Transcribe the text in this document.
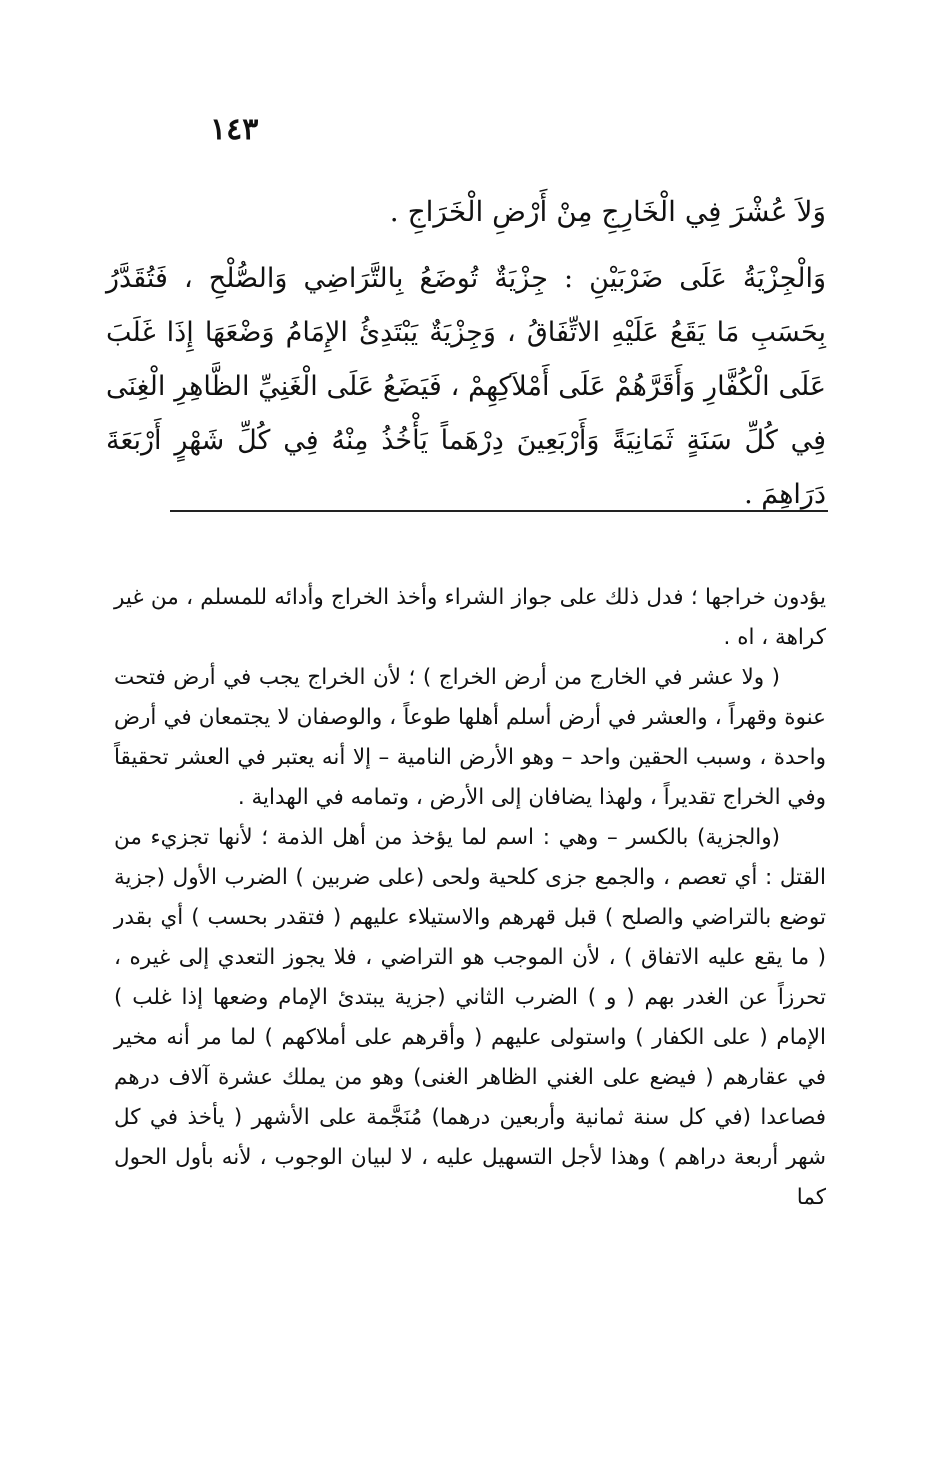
١٤٣
وَلاَ عُشْرَ فِي الْخَارِجِ مِنْ أَرْضِ الْخَرَاجِ .
وَالْجِزْيَةُ عَلَى ضَرْبَيْنِ : جِزْيَةٌ تُوضَعُ بِالتَّرَاضِي وَالصُّلْحِ ، فَتُقَدَّرُ بِحَسَبِ مَا يَقَعُ عَلَيْهِ الاتِّفَاقُ ، وَجِزْيَةٌ يَبْتَدِئُ الإِمَامُ وَضْعَهَا إِذَا غَلَبَ عَلَى الْكُفَّارِ وَأَقَرَّهُمْ عَلَى أَمْلاَكِهِمْ ، فَيَضَعُ عَلَى الْغَنِيِّ الظَّاهِرِ الْغِنَى فِي كُلِّ سَنَةٍ ثَمَانِيَةً وَأَرْبَعِينَ دِرْهَماً يَأْخُذُ مِنْهُ فِي كُلِّ شَهْرٍ أَرْبَعَةَ دَرَاهِمَ .

يؤدون خراجها ؛ فدل ذلك على جواز الشراء وأخذ الخراج وأدائه للمسلم ، من غير كراهة ، اه .

( ولا عشر في الخارج من أرض الخراج ) ؛ لأن الخراج يجب في أرض فتحت عنوة وقهراً ، والعشر في أرض أسلم أهلها طوعاً ، والوصفان لا يجتمعان في أرض واحدة ، وسبب الحقين واحد – وهو الأرض النامية – إلا أنه يعتبر في العشر تحقيقاً وفي الخراج تقديراً ، ولهذا يضافان إلى الأرض ، وتمامه في الهداية .

(والجزية) بالكسر – وهي : اسم لما يؤخذ من أهل الذمة ؛ لأنها تجزيء من القتل : أي تعصم ، والجمع جزى كلحية ولحى (على ضربين ) الضرب الأول (جزية توضع بالتراضي والصلح ) قبل قهرهم والاستيلاء عليهم ( فتقدر بحسب ) أي بقدر ( ما يقع عليه الاتفاق ) ، لأن الموجب هو التراضي ، فلا يجوز التعدي إلى غيره ، تحرزاً عن الغدر بهم ( و ) الضرب الثاني (جزية يبتدئ الإمام وضعها إذا غلب ) الإمام ( على الكفار ) واستولى عليهم ( وأقرهم على أملاكهم ) لما مر أنه مخير في عقارهم ( فيضع على الغني الظاهر الغنى) وهو من يملك عشرة آلاف درهم فصاعدا (في كل سنة ثمانية وأربعين درهما) مُنَجَّمة على الأشهر ( يأخذ في كل شهر أربعة دراهم ) وهذا لأجل التسهيل عليه ، لا لبيان الوجوب ، لأنه بأول الحول كما
